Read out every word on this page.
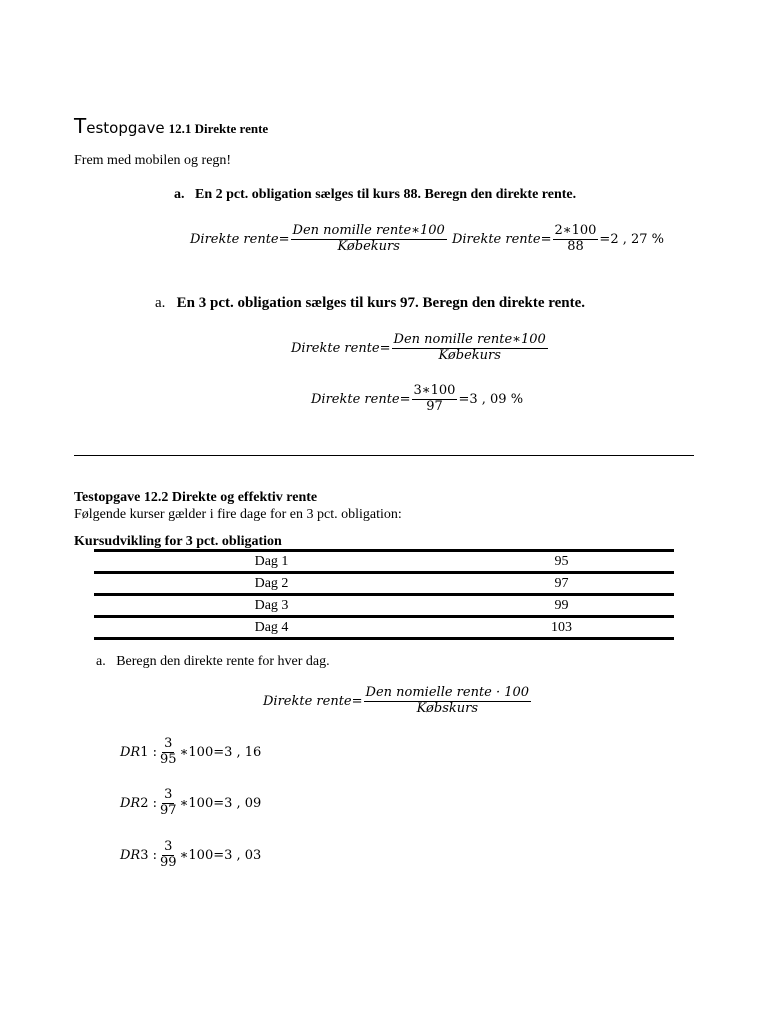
Testopgave 12.1 Direkte rente
Frem med mobilen og regn!
a. En 2 pct. obligation sælges til kurs 88. Beregn den direkte rente.
Direkte rente = $\frac{\text{Den nomille rente∗100}}{\text{Købekurs}}$
Direkte rente = $\frac{2∗100}{88} =2$ , 27 %
a. En 3 pct. obligation sælges til kurs 97. Beregn den direkte rente.
Direkte rente = $\frac{\text{Den nomille rente∗100}}{\text{Købekurs}}$
Direkte rente = $\frac{3∗100}{97} =3$ , 09 %
Testopgave 12.2 Direkte og effektiv rente
Følgende kurser gælder i fire dage for en 3 pct. obligation:
Kursudvikling for 3 pct. obligation
Dag 1	95
Dag 2	97
Dag 3	99
Dag 4	103
a. Beregn den direkte rente for hver dag.
Direkte rente = $\frac{\text{Den nomielle rente · 100}}{\text{Købskurs}}$
DR 1 : $\frac{3}{95}$ ∗100=3 , 16
DR 2 : $\frac{3}{97}$ ∗100=3 , 09
DR 3 : $\frac{3}{99}$ ∗100=3 , 03
